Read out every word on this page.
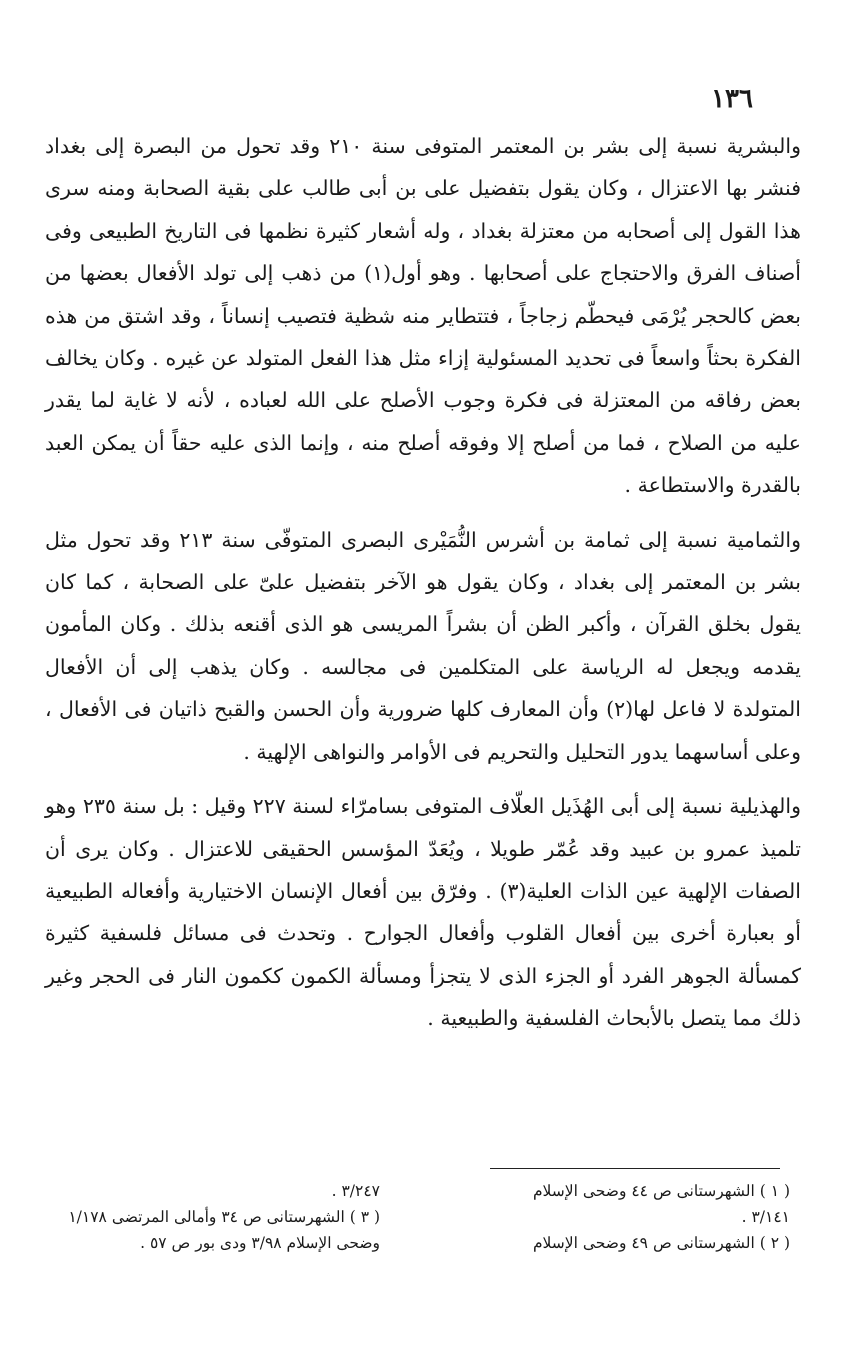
١٣٦

والبشرية نسبة إلى بشر بن المعتمر المتوفى سنة ٢١٠ وقد تحول من البصرة إلى بغداد فنشر بها الاعتزال ، وكان يقول بتفضيل على بن أبى طالب على بقية الصحابة ومنه سرى هذا القول إلى أصحابه من معتزلة بغداد ، وله أشعار كثيرة نظمها فى التاريخ الطبيعى وفى أصناف الفرق والاحتجاج على أصحابها . وهو أول(١) من ذهب إلى تولد الأفعال بعضها من بعض كالحجر يُرْمَى فيحطّم زجاجاً ، فتتطاير منه شظية فتصيب إنساناً ، وقد اشتق من هذه الفكرة بحثاً واسعاً فى تحديد المسئولية إزاء مثل هذا الفعل المتولد عن غيره . وكان يخالف بعض رفاقه من المعتزلة فى فكرة وجوب الأصلح على الله لعباده ، لأنه لا غاية لما يقدر عليه من الصلاح ، فما من أصلح إلا وفوقه أصلح منه ، وإنما الذى عليه حقاً أن يمكن العبد بالقدرة والاستطاعة .

والثمامية نسبة إلى ثمامة بن أشرس النُّمَيْرى البصرى المتوفّى سنة ٢١٣ وقد تحول مثل بشر بن المعتمر إلى بغداد ، وكان يقول هو الآخر بتفضيل علىّ على الصحابة ، كما كان يقول بخلق القرآن ، وأكبر الظن أن بشراً المريسى هو الذى أقنعه بذلك . وكان المأمون يقدمه ويجعل له الرياسة على المتكلمين فى مجالسه . وكان يذهب إلى أن الأفعال المتولدة لا فاعل لها(٢) وأن المعارف كلها ضرورية وأن الحسن والقبح ذاتيان فى الأفعال ، وعلى أساسهما يدور التحليل والتحريم فى الأوامر والنواهى الإلهية .

والهذيلية نسبة إلى أبى الهُذَيل العلّاف المتوفى بسامرّاء لسنة ٢٢٧ وقيل : بل سنة ٢٣٥ وهو تلميذ عمرو بن عبيد وقد عُمّر طويلا ، ويُعَدّ المؤسس الحقيقى للاعتزال . وكان يرى أن الصفات الإلهية عين الذات العلية(٣) . وفرّق بين أفعال الإنسان الاختيارية وأفعاله الطبيعية أو بعبارة أخرى بين أفعال القلوب وأفعال الجوارح . وتحدث فى مسائل فلسفية كثيرة كمسألة الجوهر الفرد أو الجزء الذى لا يتجزأ ومسألة الكمون ككمون النار فى الحجر وغير ذلك مما يتصل بالأبحاث الفلسفية والطبيعية .

( ١ ) الشهرستانى ص ٤٤ وضحى الإسلام

٣/١٤١ .

( ٢ ) الشهرستانى ص ٤٩ وضحى الإسلام

٣/٢٤٧ .

( ٣ ) الشهرستانى ص ٣٤ وأمالى المرتضى ١/١٧٨

وضحى الإسلام ٣/٩٨ ودى بور ص ٥٧ .
